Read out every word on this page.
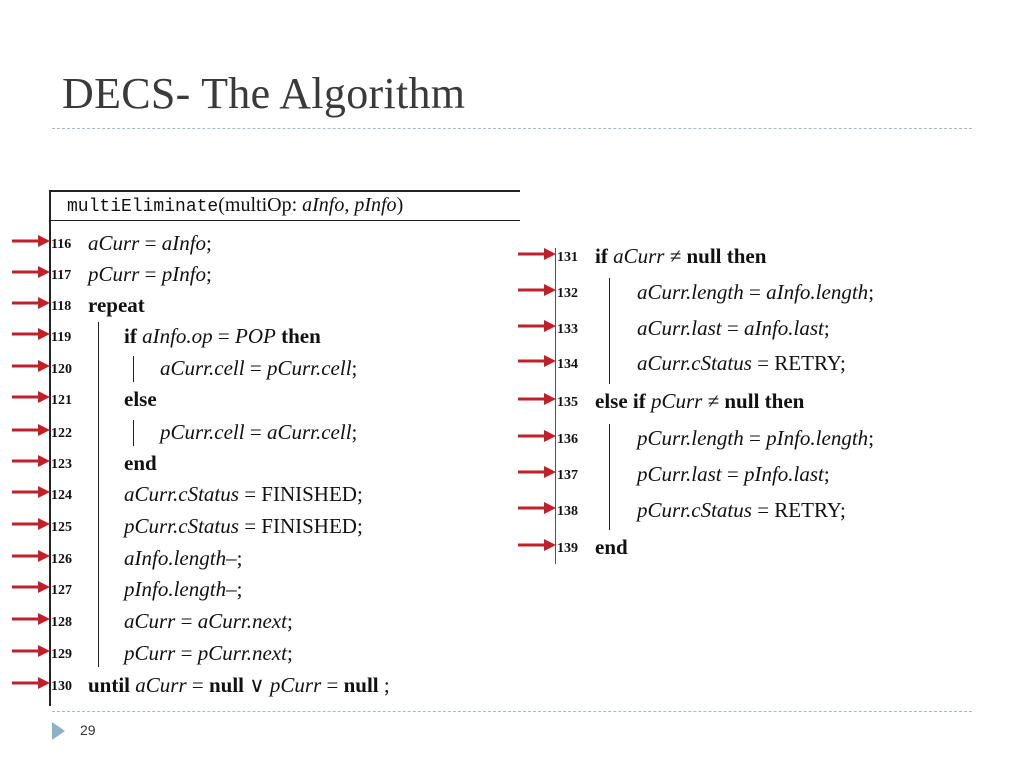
DECS- The Algorithm
multiEliminate(multiOp: aInfo, pInfo)
116 aCurr = aInfo;
117 pCurr = pInfo;
118 repeat
119	if aInfo.op = POP then
120	aCurr.cell = pCurr.cell;
121 else
122	pCurr.cell = aCurr.cell;
123 end
124 aCurr.cStatus = FINISHED;
125 pCurr.cStatus = FINISHED;
126 aInfo.length–;
127 pInfo.length–;
128 aCurr = aCurr.next;
129 pCurr = pCurr.next;
130 until aCurr = null ∨ pCurr = null ;
131 if aCurr ≠ null then
132	aCurr.length = aInfo.length;
133	aCurr.last = aInfo.last;
134	aCurr.cStatus = RETRY;
135 else if pCurr ≠ null then
136	pCurr.length = pInfo.length;
137	pCurr.last = pInfo.last;
138	pCurr.cStatus = RETRY;
139 end
29
